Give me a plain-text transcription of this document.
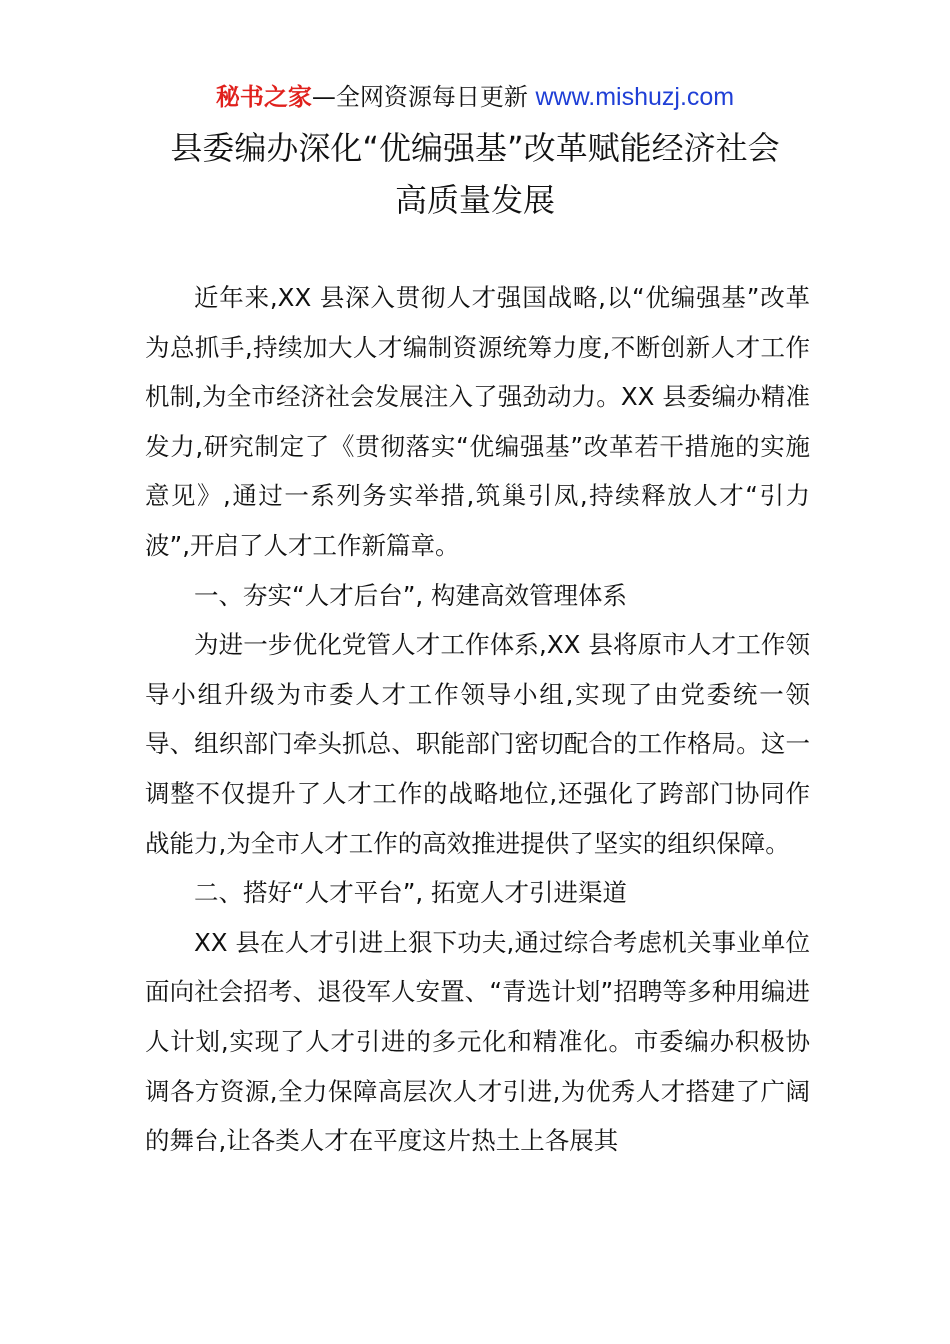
秘书之家—全网资源每日更新 www.mishuzj.com
县委编办深化“优编强基”改革赋能经济社会
高质量发展

近年来,XX 县深入贯彻人才强国战略,以“优编强基”改革为总抓手,持续加大人才编制资源统筹力度,不断创新人才工作机制,为全市经济社会发展注入了强劲动力。XX 县委编办精准发力,研究制定了《贯彻落实“优编强基”改革若干措施的实施意见》,通过一系列务实举措,筑巢引凤,持续释放人才“引力波”,开启了人才工作新篇章。

一、夯实“人才后台”, 构建高效管理体系

为进一步优化党管人才工作体系,XX 县将原市人才工作领导小组升级为市委人才工作领导小组,实现了由党委统一领导、组织部门牵头抓总、职能部门密切配合的工作格局。这一调整不仅提升了人才工作的战略地位,还强化了跨部门协同作战能力,为全市人才工作的高效推进提供了坚实的组织保障。

二、搭好“人才平台”, 拓宽人才引进渠道

XX 县在人才引进上狠下功夫,通过综合考虑机关事业单位面向社会招考、退役军人安置、“青选计划”招聘等多种用编进人计划,实现了人才引进的多元化和精准化。市委编办积极协调各方资源,全力保障高层次人才引进,为优秀人才搭建了广阔的舞台,让各类人才在平度这片热土上各展其
